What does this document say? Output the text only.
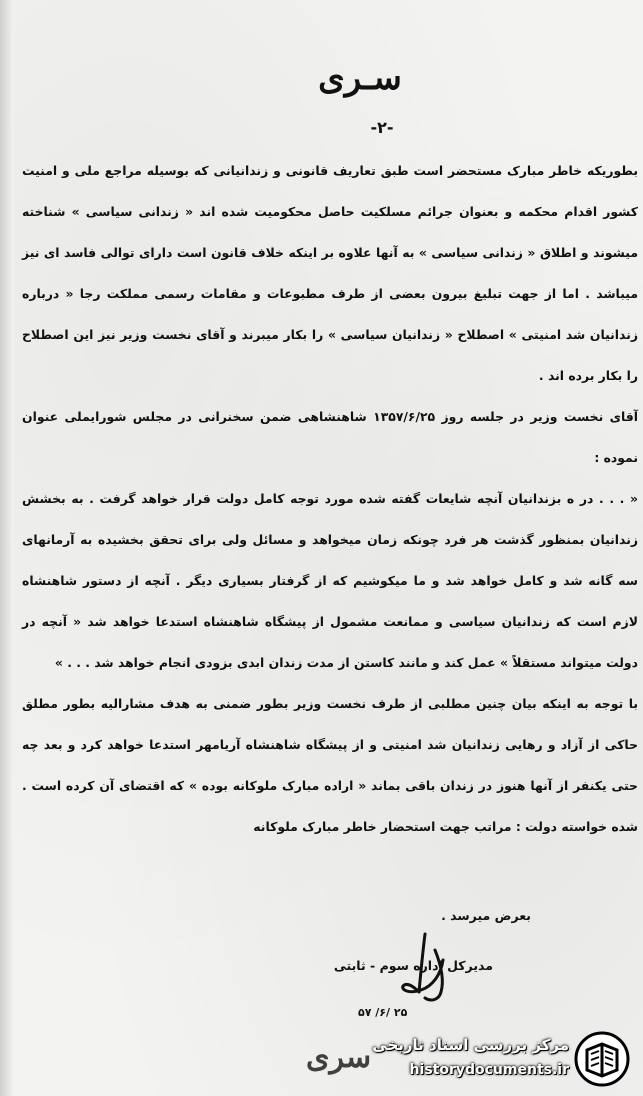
سـری
-۲-

بطوریکه خاطر مبارک مستحضر است طبق تعاریف قانونی و زندانیانی که بوسیله مراجع ملی و امنیت کشور اقدام محکمه و بعنوان جرائم مسلکیت حاصل محکومیت شده اند « زندانی سیاسی » شناخته میشوند و اطلاق « زندانی سیاسی » به آنها علاوه بر اینکه خلاف قانون است دارای توالی فاسد ای نیز میباشد . اما از جهت تبلیغ بیرون بعضی از طرف مطبوعات و مقامات رسمی مملکت رجا « درباره زندانیان شد امنیتی » اصطلاح « زندانیان سیاسی » را بکار میبرند و آقای نخست وزیر نیز این اصطلاح را بکار برده اند .

آقای نخست وزیر در جلسه روز ۱۳۵۷/۶/۲۵ شاهنشاهی ضمن سخنرانی در مجلس شورایملی عنوان نموده :

« . . . در ه بزندانیان آنچه شایعات گفته شده مورد توجه کامل دولت قرار خواهد گرفت . به بخشش زندانیان بمنظور گذشت هر فرد چونکه زمان میخواهد و مسائل ولی برای تحقق بخشیده به آرمانهای سه گانه شد و کامل خواهد شد و ما میکوشیم که از گرفتار بسیاری دیگر . آنچه از دستور شاهنشاه لازم است که زندانیان سیاسی و ممانعت مشمول از پیشگاه شاهنشاه استدعا خواهد شد « آنچه در دولت میتواند مستقلاً » عمل کند و مانند کاستن از مدت زندان ابدی بزودی انجام خواهد شد . . . »

با توجه به اینکه بیان چنین مطلبی از طرف نخست وزیر بطور ضمنی به هدف مشارالیه بطور مطلق حاکی از آزاد و رهایی زندانیان شد امنیتی و از پیشگاه شاهنشاه آریامهر استدعا خواهد کرد و بعد چه حتی یکنفر از آنها هنوز در زندان باقی بماند « اراده مبارک ملوکانه بوده » که اقتضای آن کرده است . شده خواسته دولت : مراتب جهت استحضار خاطر مبارک ملوکانه

بعرض میرسد .
مدیرکل اداره سوم - ثابتی
۲۵ /۶/ ۵۷
سری مرکز بررسی اسناد تاریخی
historydocuments.ir
